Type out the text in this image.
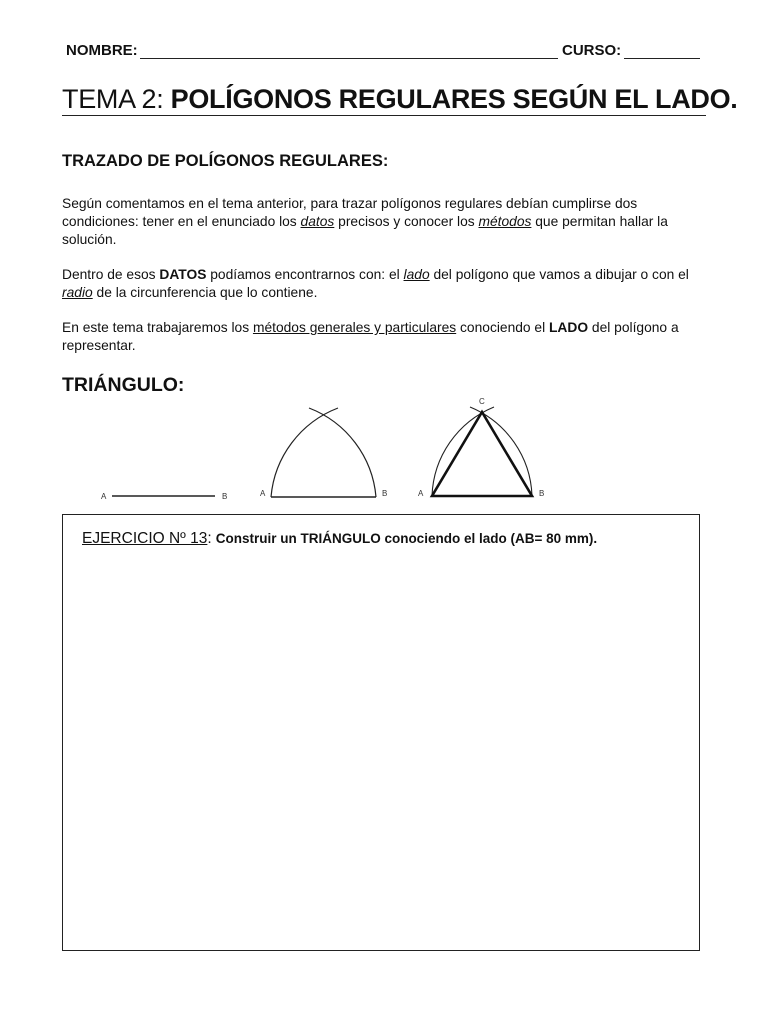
NOMBRE:	CURSO:
TEMA 2: POLÍGONOS REGULARES SEGÚN EL LADO.
TRAZADO DE POLÍGONOS REGULARES:
Según comentamos en el tema anterior, para trazar polígonos regulares debían cumplirse dos condiciones: tener en el enunciado los datos precisos y conocer los métodos que permitan hallar la solución.
Dentro de esos DATOS podíamos encontrarnos con: el lado del polígono que vamos a dibujar o con el radio de la circunferencia que lo contiene.
En este tema trabajaremos los métodos generales y particulares conociendo el LADO del polígono a representar.
TRIÁNGULO:
A	B	A	B	A	B
C
EJERCICIO Nº 13: Construir un TRIÁNGULO conociendo el lado (AB= 80 mm).
